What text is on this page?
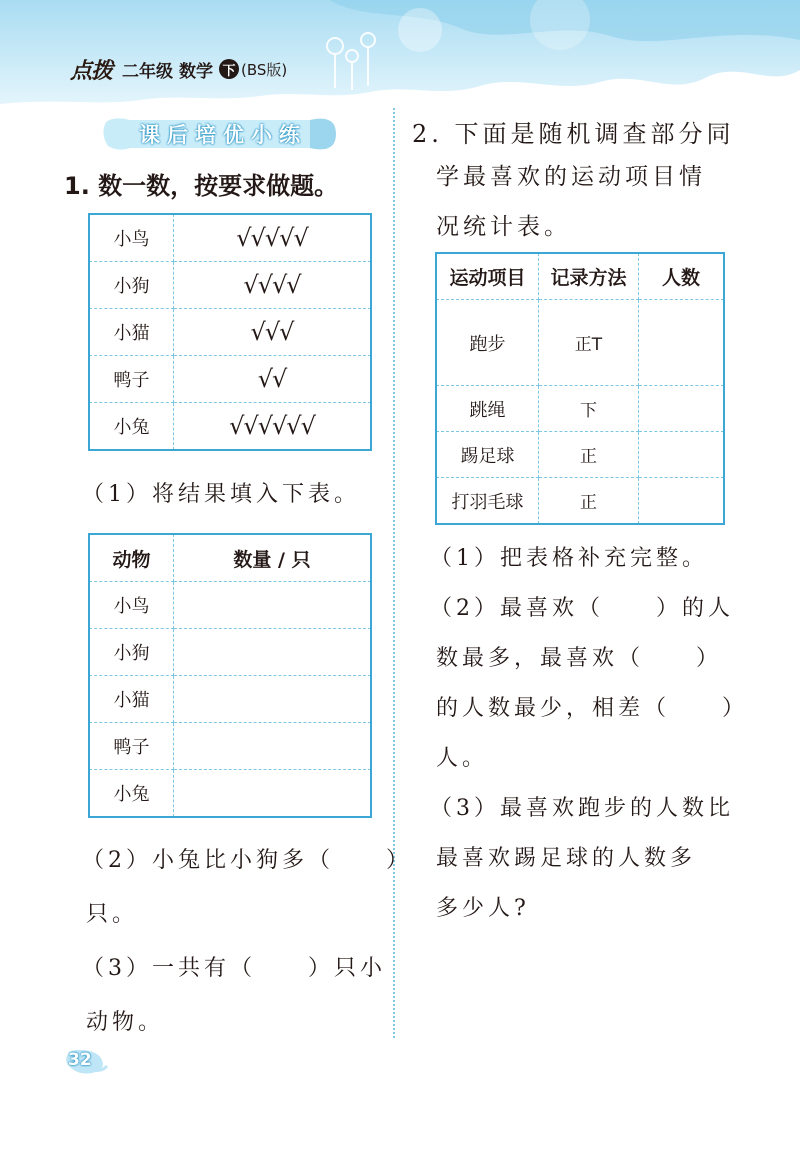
点拨 二年级 数学 下 (BS版)
课后培优小练
1. 数一数，按要求做题。
小鸟	√√√√√
小狗	√√√√
小猫	√√√
鸭子	√√
小兔	√√√√√√
（1）将结果填入下表。
动物	数量 / 只
小鸟	
小狗	
小猫	
鸭子	
小兔	
（2）小兔比小狗多（　　）
只。
（3）一共有（　　）只小
动物。
2. 下面是随机调查部分同
学最喜欢的运动项目情
况统计表。
运动项目	记录方法	人数
跑步	正T	
跳绳	下	
踢足球	正	
打羽毛球	正	
（1）把表格补充完整。
（2）最喜欢（　　）的人
数最多，最喜欢（　　）
的人数最少，相差（　　）
人。
（3）最喜欢跑步的人数比
最喜欢踢足球的人数多
多少人?
32
